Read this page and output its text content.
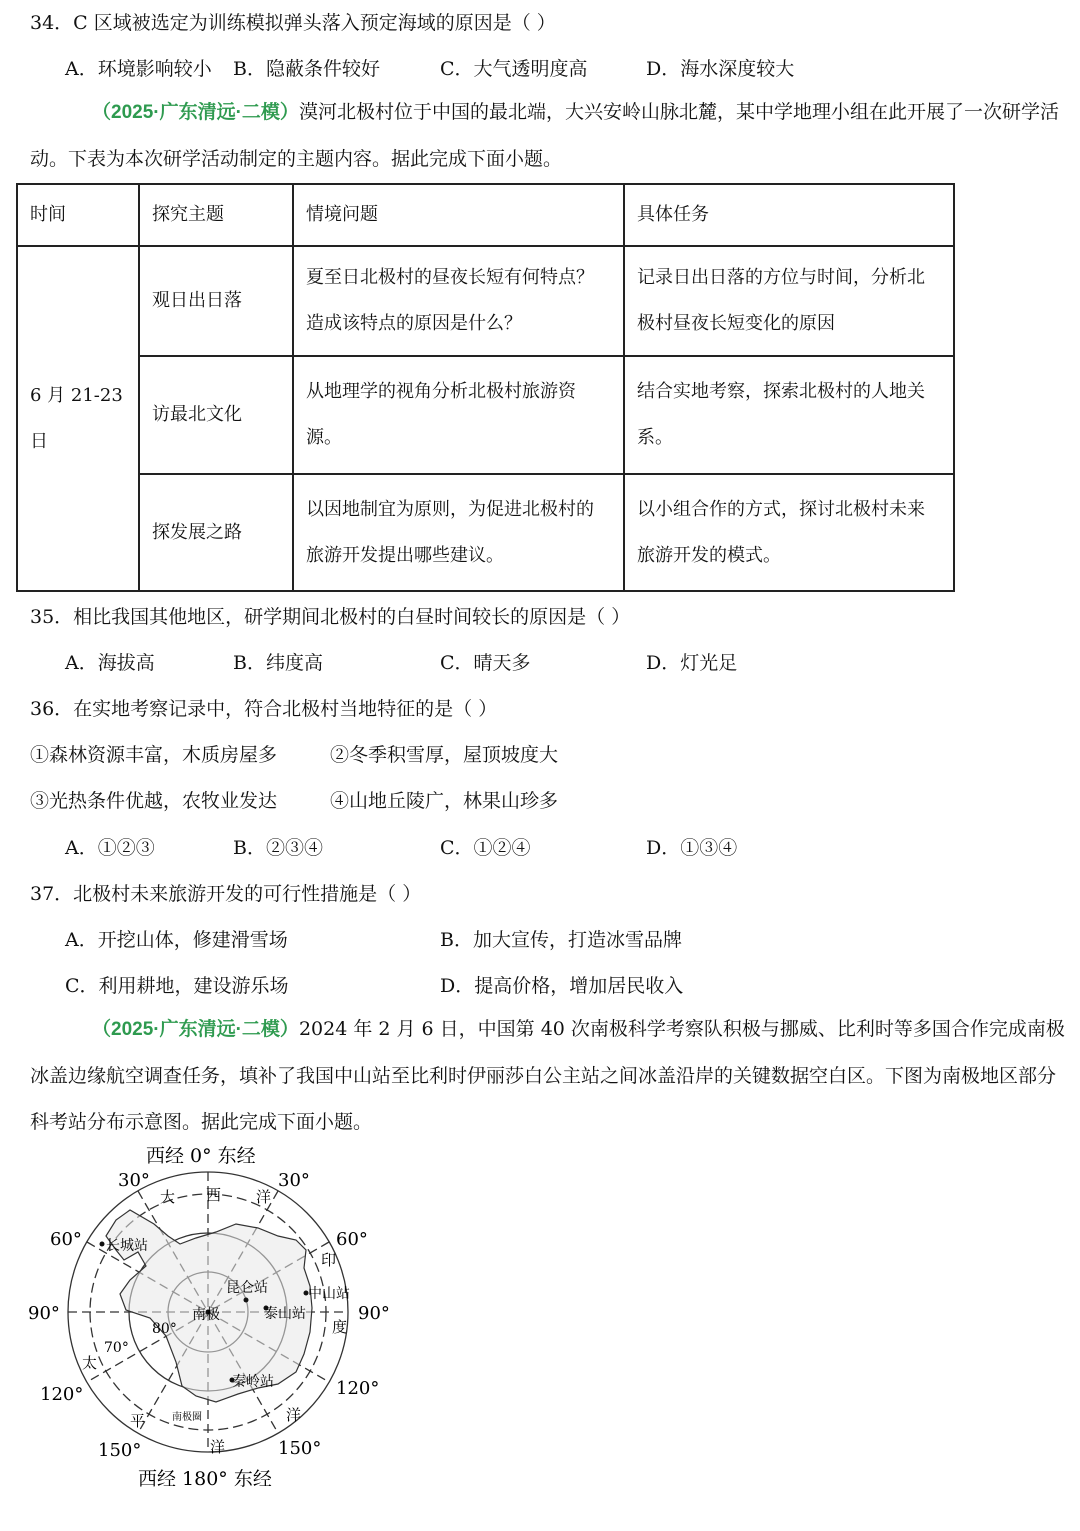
34．C 区域被选定为训练模拟弹头落入预定海域的原因是（ ）
A．环境影响较小 B．隐蔽条件较好	C．大气透明度高	D．海水深度较大
（2025·广东清远·二模）漠河北极村位于中国的最北端，大兴安岭山脉北麓，某中学地理小组在此开展了一次研学活动。下表为本次研学活动制定的主题内容。据此完成下面小题。
时间	探究主题	情境问题	具体任务
6 月 21-23 日	观日出日落	夏至日北极村的昼夜长短有何特点？造成该特点的原因是什么？	记录日出日落的方位与时间，分析北极村昼夜长短变化的原因
	访最北文化	从地理学的视角分析北极村旅游资源。	结合实地考察，探索北极村的人地关系。
	探发展之路	以因地制宜为原则，为促进北极村的旅游开发提出哪些建议。	以小组合作的方式，探讨北极村未来旅游开发的模式。
35．相比我国其他地区，研学期间北极村的白昼时间较长的原因是（ ）
A．海拔高	B．纬度高	C．晴天多	D．灯光足
36．在实地考察记录中，符合北极村当地特征的是（ ）
①森林资源丰富，木质房屋多	②冬季积雪厚，屋顶坡度大
③光热条件优越，农牧业发达	④山地丘陵广，林果山珍多
A．①②③	B．②③④	C．①②④	D．①③④
37．北极村未来旅游开发的可行性措施是（ ）
A．开挖山体，修建滑雪场	B．加大宣传，打造冰雪品牌
C．利用耕地，建设游乐场	D．提高价格，增加居民收入
（2025·广东清远·二模）2024 年 2 月 6 日，中国第 40 次南极科学考察队积极与挪威、比利时等多国合作完成南极冰盖边缘航空调查任务，填补了我国中山站至比利时伊丽莎白公主站之间冰盖沿岸的关键数据空白区。下图为南极地区部分科考站分布示意图。据此完成下面小题。
西经 0° 东经
西经 180° 东经
30°	30°
60°	60°
90°	90°
120°	120°
150°	150°
70°
80°
大 西 洋
印
度
洋
太
平
洋
长城站
昆仑站	中山站
泰山站
秦岭站
南极
南极圈
